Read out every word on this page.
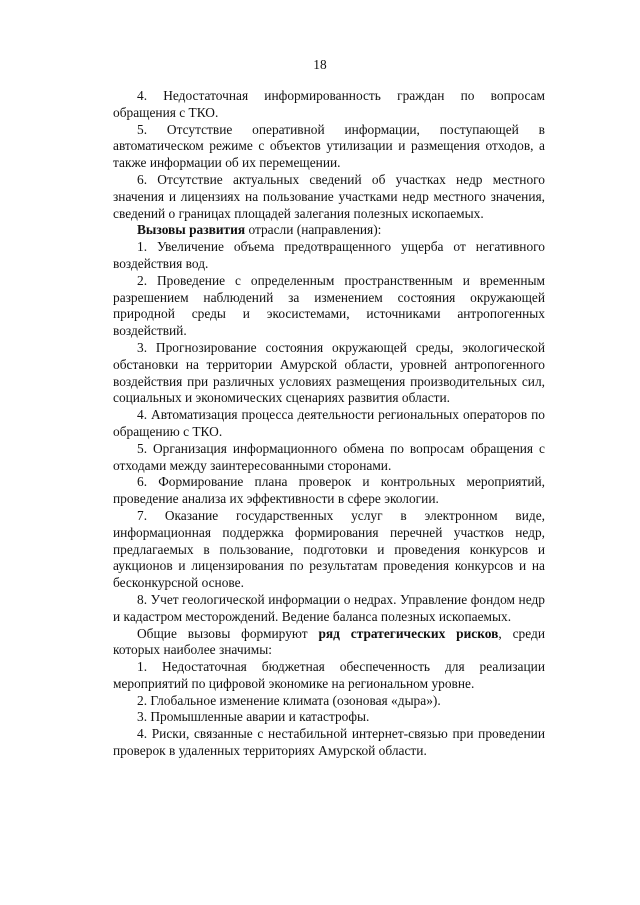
18

4. Недостаточная информированность граждан по вопросам обращения с ТКО.

5. Отсутствие оперативной информации, поступающей в автоматическом режиме с объектов утилизации и размещения отходов, а также информации об их перемещении.

6. Отсутствие актуальных сведений об участках недр местного значения и лицензиях на пользование участками недр местного значения, сведений о границах площадей залегания полезных ископаемых.

Вызовы развития отрасли (направления):

1. Увеличение объема предотвращенного ущерба от негативного воздействия вод.

2. Проведение с определенным пространственным и временным разрешением наблюдений за изменением состояния окружающей природной среды и экосистемами, источниками антропогенных воздействий.

3. Прогнозирование состояния окружающей среды, экологической обстановки на территории Амурской области, уровней антропогенного воздействия при различных условиях размещения производительных сил, социальных и экономических сценариях развития области.

4. Автоматизация процесса деятельности региональных операторов по обращению с ТКО.

5. Организация информационного обмена по вопросам обращения с отходами между заинтересованными сторонами.

6. Формирование плана проверок и контрольных мероприятий, проведение анализа их эффективности в сфере экологии.

7. Оказание государственных услуг в электронном виде, информационная поддержка формирования перечней участков недр, предлагаемых в пользование, подготовки и проведения конкурсов и аукционов и лицензирования по результатам проведения конкурсов и на бесконкурсной основе.

8. Учет геологической информации о недрах. Управление фондом недр и кадастром месторождений. Ведение баланса полезных ископаемых.

Общие вызовы формируют ряд стратегических рисков, среди которых наиболее значимы:

1. Недостаточная бюджетная обеспеченность для реализации мероприятий по цифровой экономике на региональном уровне.

2. Глобальное изменение климата (озоновая «дыра»).

3. Промышленные аварии и катастрофы.

4. Риски, связанные с нестабильной интернет-связью при проведении проверок в удаленных территориях Амурской области.
